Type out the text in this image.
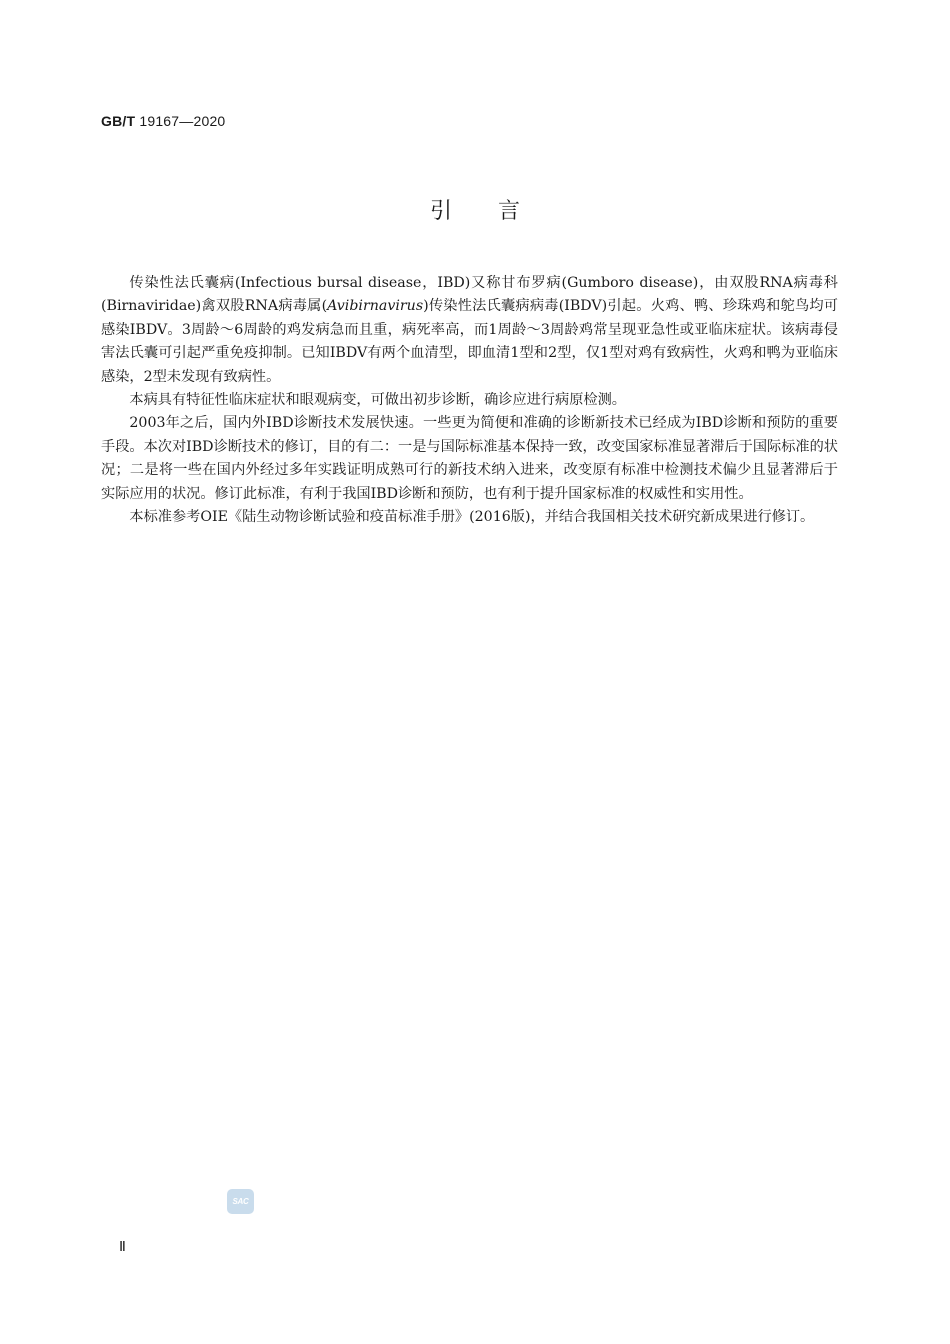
GB/T 19167—2020
引言

传染性法氏囊病(Infectious bursal disease，IBD)又称甘布罗病(Gumboro disease)，由双股RNA病毒科(Birnaviridae)禽双股RNA病毒属(Avibirnavirus)传染性法氏囊病病毒(IBDV)引起。火鸡、鸭、珍珠鸡和鸵鸟均可感染IBDV。3周龄～6周龄的鸡发病急而且重，病死率高，而1周龄～3周龄鸡常呈现亚急性或亚临床症状。该病毒侵害法氏囊可引起严重免疫抑制。已知IBDV有两个血清型，即血清1型和2型，仅1型对鸡有致病性，火鸡和鸭为亚临床感染，2型未发现有致病性。

本病具有特征性临床症状和眼观病变，可做出初步诊断，确诊应进行病原检测。

2003年之后，国内外IBD诊断技术发展快速。一些更为简便和准确的诊断新技术已经成为IBD诊断和预防的重要手段。本次对IBD诊断技术的修订，目的有二：一是与国际标准基本保持一致，改变国家标准显著滞后于国际标准的状况；二是将一些在国内外经过多年实践证明成熟可行的新技术纳入进来，改变原有标准中检测技术偏少且显著滞后于实际应用的状况。修订此标准，有利于我国IBD诊断和预防，也有利于提升国家标准的权威性和实用性。

本标准参考OIE《陆生动物诊断试验和疫苗标准手册》(2016版)，并结合我国相关技术研究新成果进行修订。

SAC
Ⅱ
